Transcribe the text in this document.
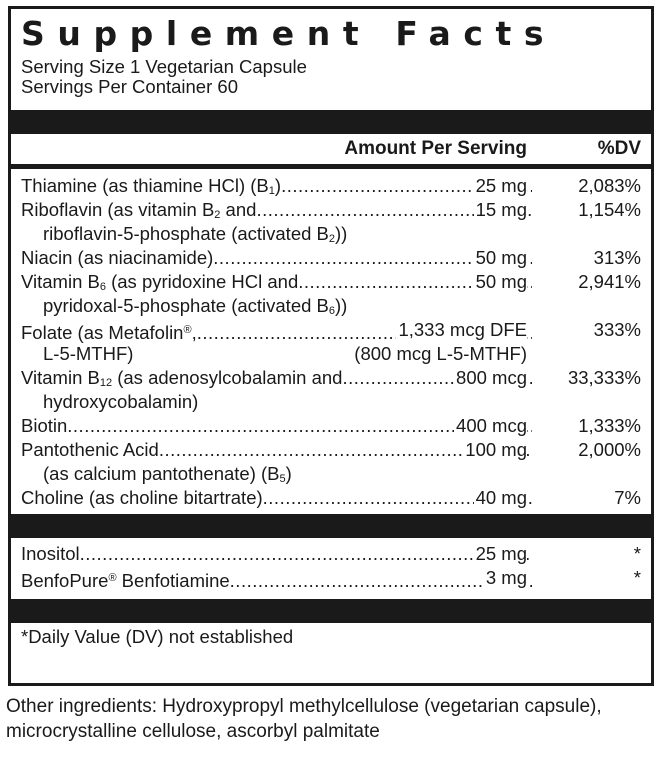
Supplement Facts
Serving Size 1 Vegetarian Capsule
Servings Per Container 60
Amount Per Serving	%DV
Thiamine (as thiamine HCl) $(B_1)$ .....	25 mg	2,083%
Riboflavin (as vitamin $B_2$ and .....	15 mg	1,154%
riboflavin-5-phosphate (activated $B_2$))
Niacin (as niacinamide) .....	50 mg	313%
Vitamin $B_6$ (as pyridoxine HCl and .....	50 mg	2,941%
pyridoxal-5-phosphate (activated $B_6$))
Folate (as Metafolin®, .....	1,333 mcg DFE	333%
L-5-MTHF)	(800 mcg L-5-MTHF)
Vitamin $B_{12}$ (as adenosylcobalamin and .....	800 mcg 33,333%
hydroxycobalamin)
Biotin .....	400 mcg	1,333%
Pantothenic Acid .....	100 mg	2,000%
(as calcium pantothenate) $(B_5)$
Choline (as choline bitartrate) .....	40 mg	7%
Inositol .....	25 mg	*
BenfoPure® Benfotiamine .....	3 mg	*
*Daily Value (DV) not established
Other ingredients: Hydroxypropyl methylcellulose (vegetarian capsule), microcrystalline cellulose, ascorbyl palmitate
